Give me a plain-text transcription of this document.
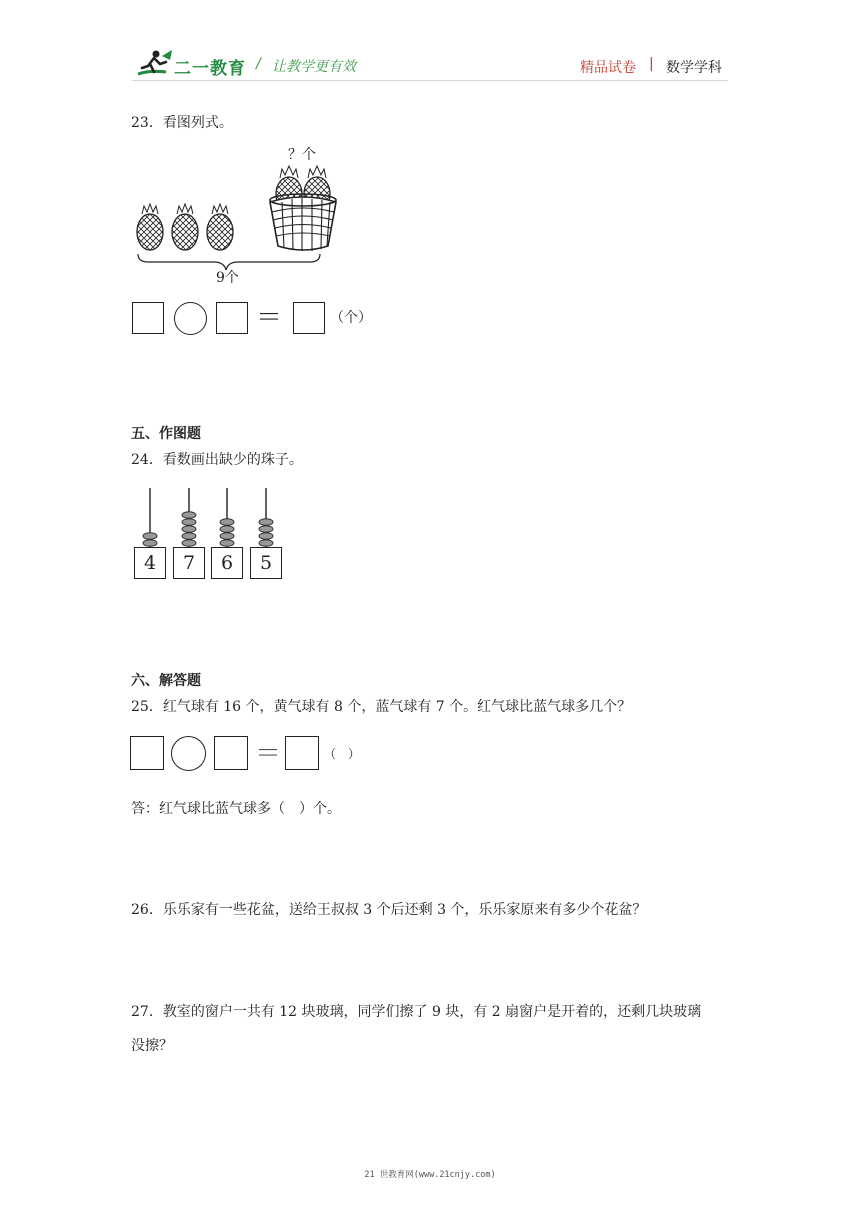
二一教育 / 让教学更有效	精品试卷 | 数学学科
23．看图列式。
？个
9个
＝	（个）
五、作图题
24．看数画出缺少的珠子。
4	7	6	5
六、解答题
25．红气球有 16 个，黄气球有 8 个，蓝气球有 7 个。红气球比蓝气球多几个？
＝	（　）
答：红气球比蓝气球多（　）个。
26．乐乐家有一些花盆，送给王叔叔 3 个后还剩 3 个，乐乐家原来有多少个花盆？
27．教室的窗户一共有 12 块玻璃，同学们擦了 9 块，有 2 扇窗户是开着的，还剩几块玻璃
没擦？
21 世教育网(www.21cnjy.com)
